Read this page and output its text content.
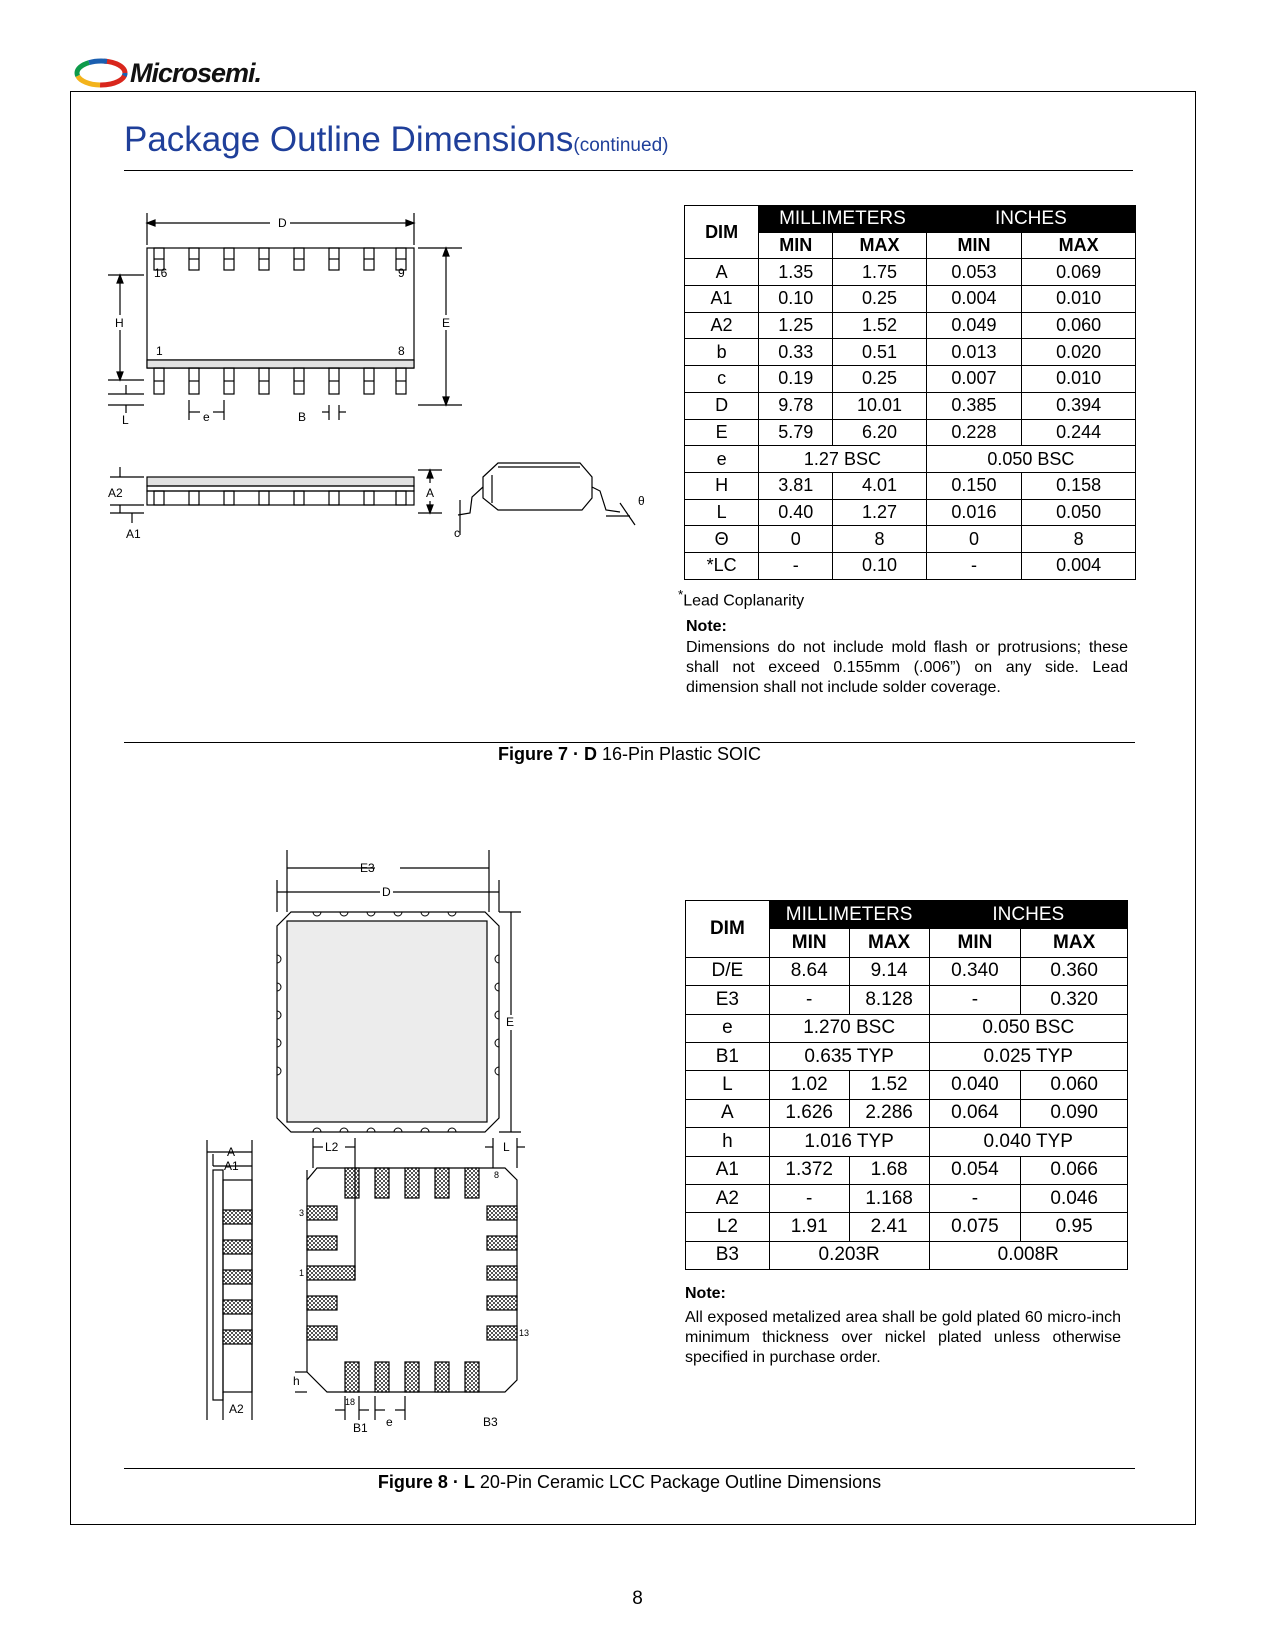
Microsemi.
Package Outline Dimensions(continued)
D
16	9
1	8
H	E
L	e	B
A2
A1
A
θ
c
DIM	MILLIMETERS		INCHES	
	MIN	MAX	MIN	MAX
A	1.35	1.75	0.053	0.069
A1	0.10	0.25	0.004	0.010
A2	1.25	1.52	0.049	0.060
b	0.33	0.51	0.013	0.020
c	0.19	0.25	0.007	0.010
D	9.78	10.01	0.385	0.394
E	5.79	6.20	0.228	0.244
e	1.27 BSC		0.050 BSC	
H	3.81	4.01	0.150	0.158
L	0.40	1.27	0.016	0.050
Θ	0	8	0	8
*LC	-	0.10	-	0.004
*Lead Coplanarity
Note:
Dimensions do not include mold flash or protrusions; these shall not exceed 0.155mm (.006”) on any side. Lead dimension shall not include solder coverage.
Figure 7 · D 16-Pin Plastic SOIC
E3
D
E
A
A1
A2
L2	L
8
3
1
13
h
18
B1 e	B3
DIM	MILLIMETERS		INCHES	
	MIN	MAX	MIN	MAX
D/E	8.64	9.14	0.340	0.360
E3	-	8.128	-	0.320
e	1.270 BSC		0.050 BSC	
B1	0.635 TYP		0.025 TYP	
L	1.02	1.52	0.040	0.060
A	1.626	2.286	0.064	0.090
h	1.016 TYP		0.040 TYP	
A1	1.372	1.68	0.054	0.066
A2	-	1.168	-	0.046
L2	1.91	2.41	0.075	0.95
B3	0.203R		0.008R	
Note:
All exposed metalized area shall be gold plated 60 micro-inch minimum thickness over nickel plated unless otherwise specified in purchase order.
Figure 8 · L 20-Pin Ceramic LCC Package Outline Dimensions
8
